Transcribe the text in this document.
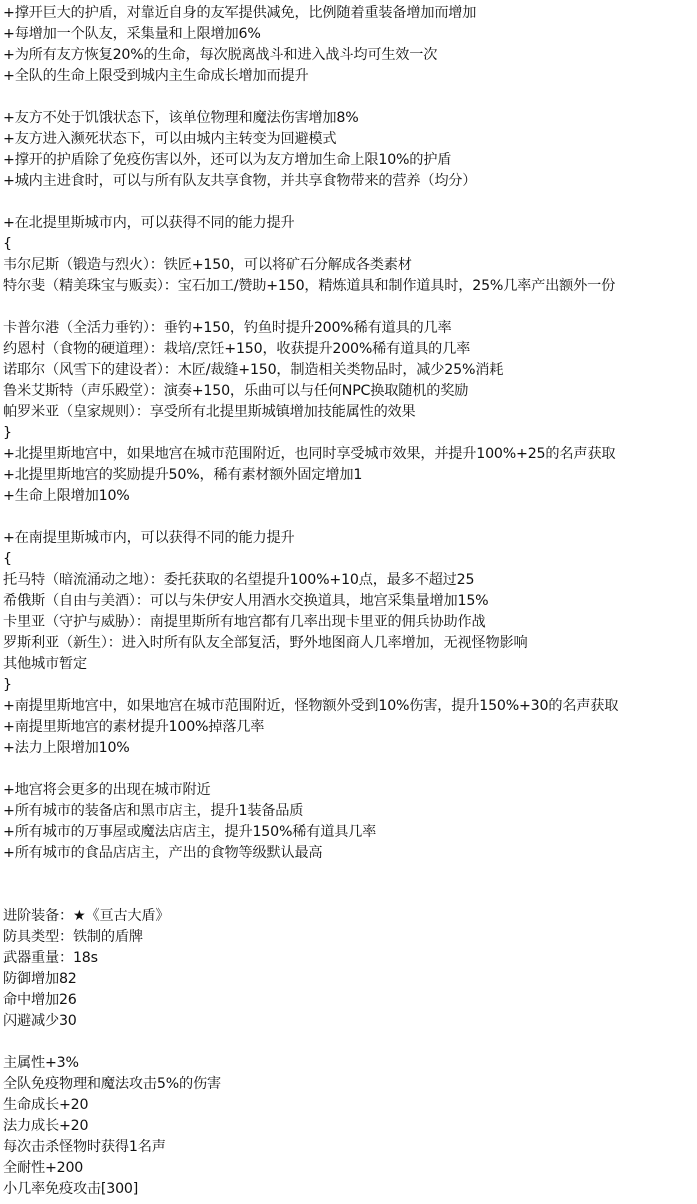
+撑开巨大的护盾，对靠近自身的友军提供减免，比例随着重装备增加而增加
+每增加一个队友，采集量和上限增加6%
+为所有友方恢复20%的生命，每次脱离战斗和进入战斗均可生效一次
+全队的生命上限受到城内主生命成长增加而提升
+友方不处于饥饿状态下，该单位物理和魔法伤害增加8%
+友方进入濒死状态下，可以由城内主转变为回避模式
+撑开的护盾除了免疫伤害以外，还可以为友方增加生命上限10%的护盾
+城内主进食时，可以与所有队友共享食物，并共享食物带来的营养（均分）
+在北提里斯城市内，可以获得不同的能力提升
{
韦尔尼斯（锻造与烈火）：铁匠+150，可以将矿石分解成各类素材
特尔斐（精美珠宝与贩卖）：宝石加工/赞助+150，精炼道具和制作道具时，25%几率产出额外一份
卡普尔港（全活力垂钓）：垂钓+150，钓鱼时提升200%稀有道具的几率
约恩村（食物的硬道理）：栽培/烹饪+150，收获提升200%稀有道具的几率
诺耶尔（风雪下的建设者）：木匠/裁缝+150，制造相关类物品时，减少25%消耗
鲁米艾斯特（声乐殿堂）：演奏+150，乐曲可以与任何NPC换取随机的奖励
帕罗米亚（皇家规则）：享受所有北提里斯城镇增加技能属性的效果
}
+北提里斯地宫中，如果地宫在城市范围附近，也同时享受城市效果，并提升100%+25的名声获取
+北提里斯地宫的奖励提升50%，稀有素材额外固定增加1
+生命上限增加10%
+在南提里斯城市内，可以获得不同的能力提升
{
托马特（暗流涌动之地）：委托获取的名望提升100%+10点，最多不超过25
希俄斯（自由与美酒）：可以与朱伊安人用酒水交换道具，地宫采集量增加15%
卡里亚（守护与威胁）：南提里斯所有地宫都有几率出现卡里亚的佣兵协助作战
罗斯利亚（新生）：进入时所有队友全部复活，野外地图商人几率增加，无视怪物影响
其他城市暂定
}
+南提里斯地宫中，如果地宫在城市范围附近，怪物额外受到10%伤害，提升150%+30的名声获取
+南提里斯地宫的素材提升100%掉落几率
+法力上限增加10%
+地宫将会更多的出现在城市附近
+所有城市的装备店和黑市店主，提升1装备品质
+所有城市的万事屋或魔法店店主，提升150%稀有道具几率
+所有城市的食品店店主，产出的食物等级默认最高
进阶装备：★《亘古大盾》
防具类型：铁制的盾牌
武器重量：18s
防御增加82
命中增加26
闪避减少30
主属性+3%
全队免疫物理和魔法攻击5%的伤害
生命成长+20
法力成长+20
每次击杀怪物时获得1名声
全耐性+200
小几率免疫攻击[300]
